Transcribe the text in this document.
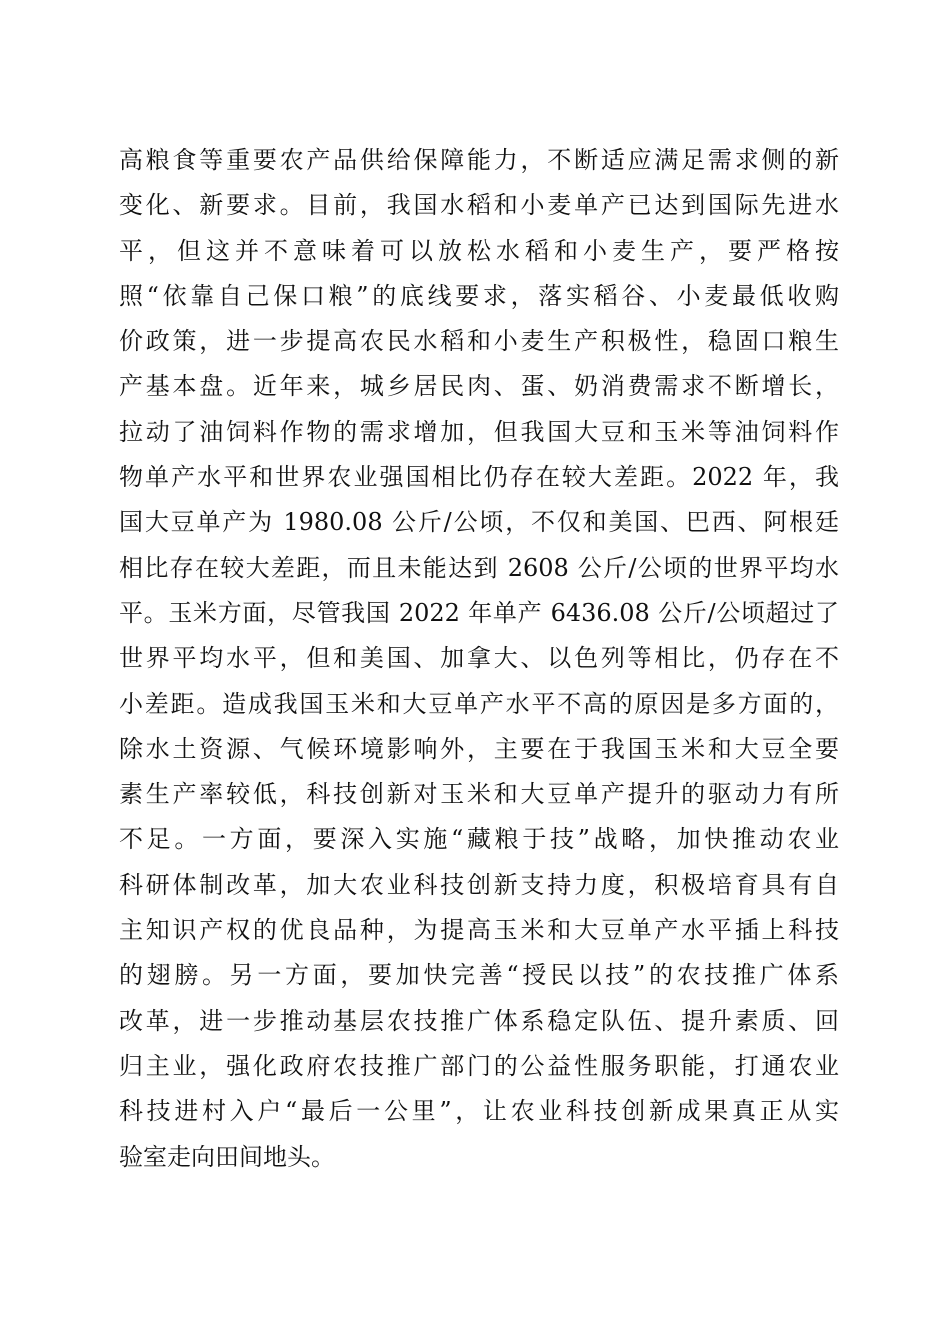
高粮食等重要农产品供给保障能力，不断适应满足需求侧的新
变化、新要求。目前，我国水稻和小麦单产已达到国际先进水
平，但这并不意味着可以放松水稻和小麦生产，要严格按
照“依靠自己保口粮”的底线要求，落实稻谷、小麦最低收购
价政策，进一步提高农民水稻和小麦生产积极性，稳固口粮生
产基本盘。近年来，城乡居民肉、蛋、奶消费需求不断增长，
拉动了油饲料作物的需求增加，但我国大豆和玉米等油饲料作
物单产水平和世界农业强国相比仍存在较大差距。2022 年，我
国大豆单产为 1980.08 公斤/公顷，不仅和美国、巴西、阿根廷
相比存在较大差距，而且未能达到 2608 公斤/公顷的世界平均水
平。玉米方面，尽管我国 2022 年单产 6436.08 公斤/公顷超过了
世界平均水平，但和美国、加拿大、以色列等相比，仍存在不
小差距。造成我国玉米和大豆单产水平不高的原因是多方面的，
除水土资源、气候环境影响外，主要在于我国玉米和大豆全要
素生产率较低，科技创新对玉米和大豆单产提升的驱动力有所
不足。一方面，要深入实施“藏粮于技”战略，加快推动农业
科研体制改革，加大农业科技创新支持力度，积极培育具有自
主知识产权的优良品种，为提高玉米和大豆单产水平插上科技
的翅膀。另一方面，要加快完善“授民以技”的农技推广体系
改革，进一步推动基层农技推广体系稳定队伍、提升素质、回
归主业，强化政府农技推广部门的公益性服务职能，打通农业
科技进村入户“最后一公里”，让农业科技创新成果真正从实
验室走向田间地头。
